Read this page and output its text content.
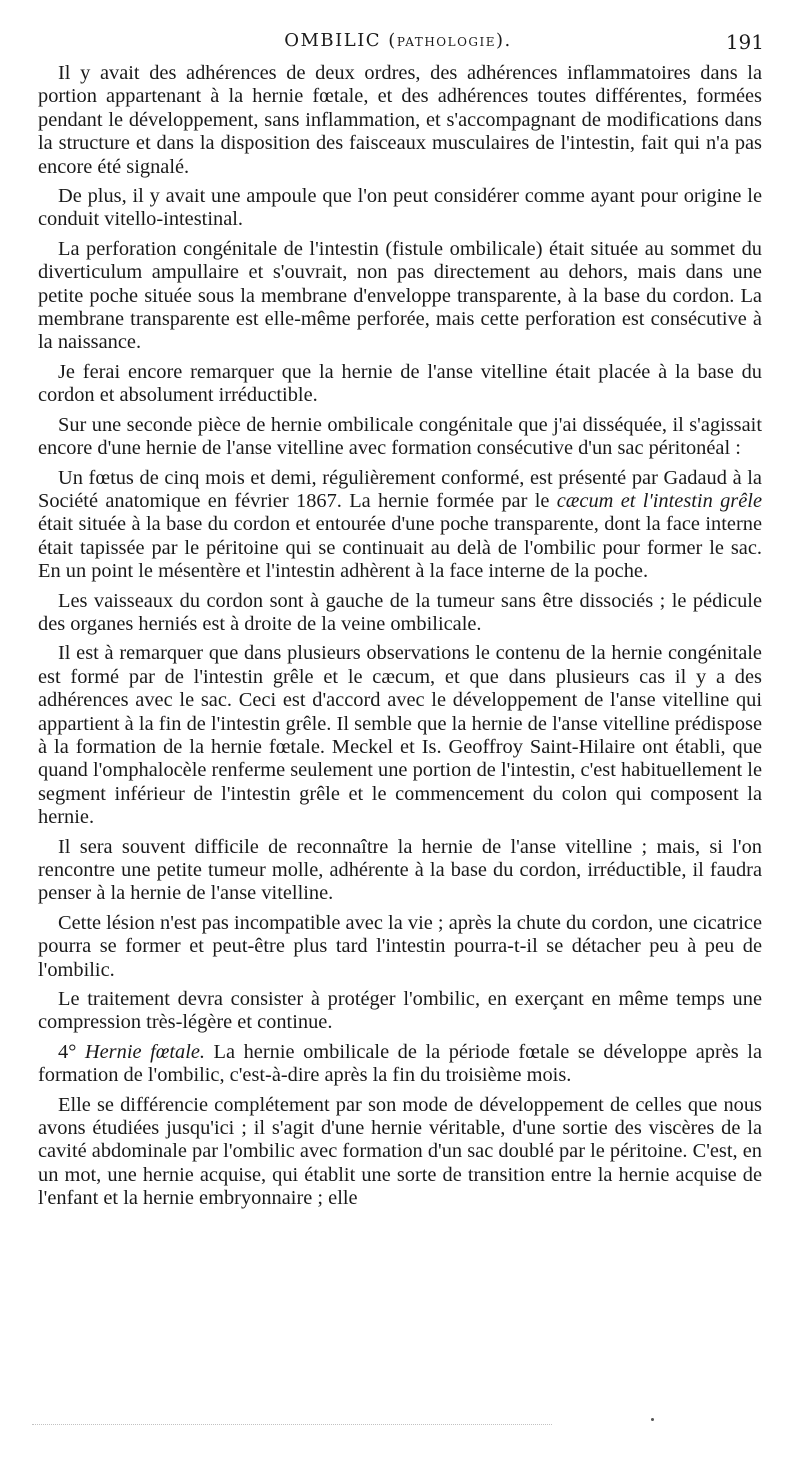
OMBILIC (PATHOLOGIE).	191

Il y avait des adhérences de deux ordres, des adhérences inflammatoires dans la portion appartenant à la hernie fœtale, et des adhérences toutes différentes, formées pendant le développement, sans inflammation, et s'accompagnant de modifications dans la structure et dans la disposition des faisceaux musculaires de l'intestin, fait qui n'a pas encore été signalé.

De plus, il y avait une ampoule que l'on peut considérer comme ayant pour origine le conduit vitello-intestinal.

La perforation congénitale de l'intestin (fistule ombilicale) était située au sommet du diverticulum ampullaire et s'ouvrait, non pas directement au dehors, mais dans une petite poche située sous la membrane d'enveloppe transparente, à la base du cordon. La membrane transparente est elle-même perforée, mais cette perforation est consécutive à la naissance.

Je ferai encore remarquer que la hernie de l'anse vitelline était placée à la base du cordon et absolument irréductible.

Sur une seconde pièce de hernie ombilicale congénitale que j'ai disséquée, il s'agissait encore d'une hernie de l'anse vitelline avec formation consécutive d'un sac péritonéal :

Un fœtus de cinq mois et demi, régulièrement conformé, est présenté par Gadaud à la Société anatomique en février 1867. La hernie formée par le cæcum et l'intestin grêle était située à la base du cordon et entourée d'une poche transparente, dont la face interne était tapissée par le péritoine qui se continuait au delà de l'ombilic pour former le sac. En un point le mésentère et l'intestin adhèrent à la face interne de la poche.

Les vaisseaux du cordon sont à gauche de la tumeur sans être dissociés ; le pédicule des organes herniés est à droite de la veine ombilicale.

Il est à remarquer que dans plusieurs observations le contenu de la hernie congénitale est formé par de l'intestin grêle et le cæcum, et que dans plusieurs cas il y a des adhérences avec le sac. Ceci est d'accord avec le développement de l'anse vitelline qui appartient à la fin de l'intestin grêle. Il semble que la hernie de l'anse vitelline prédispose à la formation de la hernie fœtale. Meckel et Is. Geoffroy Saint-Hilaire ont établi, que quand l'omphalocèle renferme seulement une portion de l'intestin, c'est habituellement le segment inférieur de l'intestin grêle et le commencement du colon qui composent la hernie.

Il sera souvent difficile de reconnaître la hernie de l'anse vitelline ; mais, si l'on rencontre une petite tumeur molle, adhérente à la base du cordon, irréductible, il faudra penser à la hernie de l'anse vitelline.

Cette lésion n'est pas incompatible avec la vie ; après la chute du cordon, une cicatrice pourra se former et peut-être plus tard l'intestin pourra-t-il se détacher peu à peu de l'ombilic.

Le traitement devra consister à protéger l'ombilic, en exerçant en même temps une compression très-légère et continue.

4° Hernie fœtale. La hernie ombilicale de la période fœtale se développe après la formation de l'ombilic, c'est-à-dire après la fin du troisième mois.

Elle se différencie complétement par son mode de développement de celles que nous avons étudiées jusqu'ici ; il s'agit d'une hernie véritable, d'une sortie des viscères de la cavité abdominale par l'ombilic avec formation d'un sac doublé par le péritoine. C'est, en un mot, une hernie acquise, qui établit une sorte de transition entre la hernie acquise de l'enfant et la hernie embryonnaire ; elle
